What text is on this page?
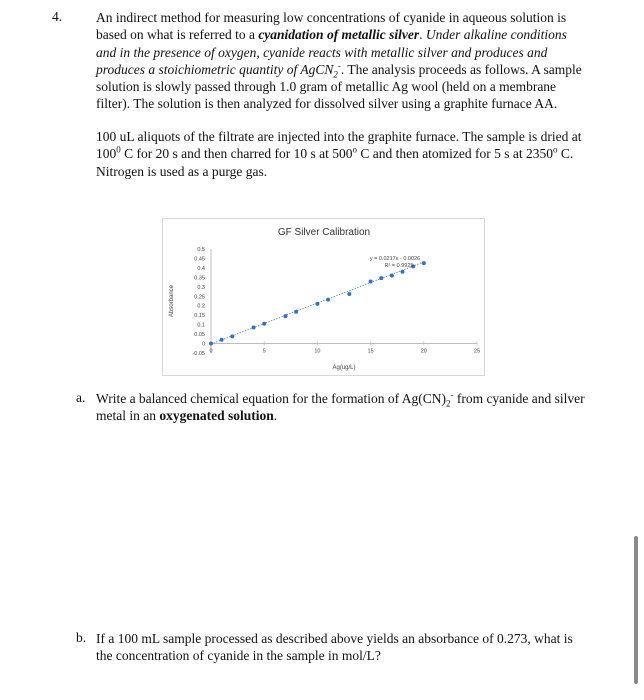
4.	An indirect method for measuring low concentrations of cyanide in aqueous solution is based on what is referred to a cyanidation of metallic silver. Under alkaline conditions and in the presence of oxygen, cyanide reacts with metallic silver and produces and produces a stoichiometric quantity of AgCN$_2$-. The analysis proceeds as follows. A sample solution is slowly passed through 1.0 gram of metallic Ag wool (held on a membrane filter). The solution is then analyzed for dissolved silver using a graphite furnace AA.

100 uL aliquots of the filtrate are injected into the graphite furnace. The sample is dried at $100^0$ C for 20 s and then charred for 10 s at 500$^o$ C and then atomized for 5 s at 2350$^o$ C. Nitrogen is used as a purge gas.

GF Silver Calibration
-0.05
0
0.05
0.1
0.15
0.2
0.25
0.3
0.35
0.4
0.45
0.5
0	5	10	15	20	25
Ag(ug/L)
Absorbance
y = 0.0217x - 0.0026
R² = 0.9925
a. Write a balanced chemical equation for the formation of $Ag(CN)_2^-$ from cyanide and silver metal in an oxygenated solution.

b. If a 100 mL sample processed as described above yields an absorbance of 0.273, what is the concentration of cyanide in the sample in mol/L?
